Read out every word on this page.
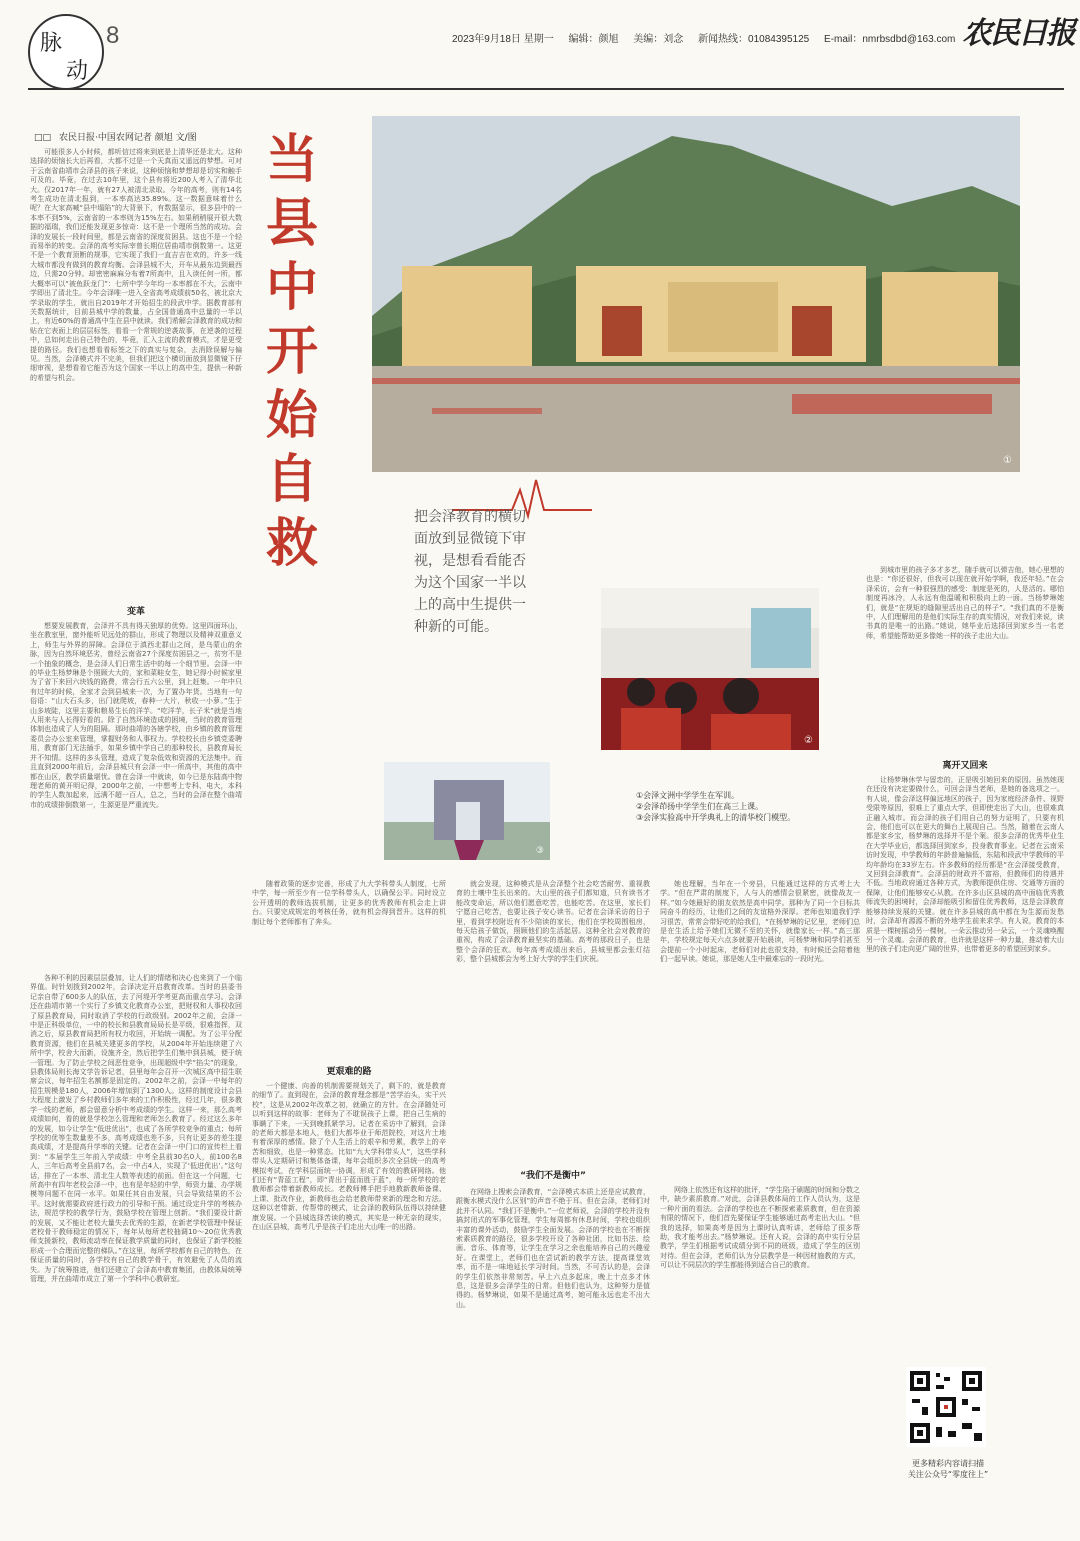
脉
动
8	2023年9月18日 星期一 编辑：颜旭 美编：刘念 新闻热线：01084395125 E-mail：nmrbsdbd@163.com 农民日报
□□ 农民日报·中国农网记者 颜旭 文/图

可能很多人小时候，都听信过将来到底是上清华还是北大。这种选择的烦恼长大后再看，大都不过是一个天真而又遥远的梦想。可对于云南省曲靖市会泽县的孩子来说，这种烦恼和梦想却是切实和触手可及的。毕竟，在过去10年里，这个县有将近200人考入了清华北大。仅2017年一年，就有27人被清北录取。今年的高考，则有14名考生成功在清北报到，一本率高达35.89%。这一数据意味着什么呢？在大家高喊“县中塌陷”的大背景下，有数据显示，很多县中的一本率不到5%，云南省的一本率则为15%左右。如果稍稍展开很大数据的福瑞，我们还能发现更多惊奇：这不是一个理所当然的成功。会泽的发展长一段时间里，都是云南省的深度贫困县。这也不是一个轻而易举的转变。会泽的高考实际宰曾长期位居曲靖市倒数第一。这更不是一个教育顶断的规事，它实现了我们一直吉吉在欢的，许多一线大城市都没有做到的教育均衡。会泽县城不大，开车从最东边到最西边，只需20分钟。却密密麻麻分布着7所高中，且入读任何一所，都大概率可以“被鱼跃龙门”：七所中学今年均一本率都在不大，云南中学即出了清北生。今年会泽唯一进入全省高考成绩前50名，被北京大学录取的学生，就出自2019年才开始招生的段武中学。据教育部有关数据统计，目前县城中学的数量，占全国普通高中总量的一半以上，有近60%的普通高中生在县中就读。我们希解会泽教育的成功和贴在它表面上的层层标签，看看一个常规的逆袭故事，在逆袭的过程中，总如何走出自己特色的，毕竟，汇入主流的教育模式，才是更受提的路径。我们也想看看标签之下的真实与复杂，去消除误解与偏见。当然，会泽模式并不完美，但我们把这个横切面放到显微镜下仔细审视，是想看看它能否为这个国家一半以上的高中生，提供一种新的希望与机会。

变革

想要发展教育，会泽并不具有得天独厚的优势。这里四面环山，坐在教室里，窗外能听见远处的群山，形成了物理以及精神双重意义上，师生与外界的屏障。会泽位于滇西北群山之间，是乌蒙山的余脉，因为自然环境恶劣，曾经云南省27个深度贫困县之一，贫穷不是一个抽象的概念，是会泽人们日常生活中的每一个细节里。会泽一中的毕业生杨梦琳是个照顾大大的，家和菜畦女生，她记得小时候家里为了省下来回六块钱的路费，常会行五六公里，到上赶集。一年中只有过年的时候，全家才会到县城来一次，为了置办年货。当地有一句俗语：“山大石头多，出门就爬坡，春种一大片，秋收一小萝。”生于山多坡陡，这里主要和粮易生长的洋芋。“吃洋芋，长子米”就是当地人用来与人长得好看的。除了自然环境造成的困境，当时的教育管理体制也造成了人为的阻隔。那时曲靖的各辖学校，由乡镇的教育管理委员会办公室来管理，掌握财务和人事权力。学校校长由乡镇党委聘用，教育部门无法插手，如果乡镇中学自己的那种校长，县教育局长并不知情。这样的多头管理，造成了复杂低效和资源的无法集中。而且直到2000年前后，会泽县城只有会泽一中一所高中，其他的高中都在山区，教学质量堪忧。曾在会泽一中就读，如今已是东陆高中物理老师的黄开明记得，2000年之前，一中想考上专科、电大，本科的学生人数加起来，远满不超一百人，总之，当时的会泽在整个曲靖市的成绩排倒数第一，生源更是严重流失。

各种不利的因素层层叠加，让人们的情绪和决心也来到了一个临界值。时针划拨到2002年，会泽决定开启教育改革。当时的县委书记亲自带了600多人的队伍，去了河堤开学考更高而重点学习。会泽还在曲靖市第一个实行了乡镇文化教育办公室，把财权和人事权收回了原县教育局，同时取消了学校的行政级别。2002年之前，会泽一中是正科级单位，一中的校长和县教育局局长是平级，很难指挥，双消之后，原县教育局把所有权力收回，开始统一调配。为了公平分配教育资源，他们在县城关建更多的学校，从2004年开始连续建了六所中学，校舍大而新，设施齐全，然后把学生们集中到县城，便于统一管理。为了防止学校之间恶性竞争，出现超级中学“掐尖”的现象，县教体局则长海文学告诉记者，县里每年会召开一次城区高中招生联席会议，每年招生名额都是固定的。2002年之前，会泽一中每年的招生规模是180人，2006年增加到了1300人。这样的制度设计会县大程度上激发了乡村教师们多年来的工作积极性，经过几年，很多教学一线的老师，都会留意分析中考成绩的学生。这样一来，那么高考成绩如何，看的就是学校怎么管理和老师怎么教育了。经过这么多年的发展，如今让学生“低进优出”，也成了各所学校竞争的重点；每所学校的优等生数量差不多，高考成绩也差不多，只有让更多的差生提高成绩，才是提高升学率的关键。记者在会泽一中门口的宣传栏上看到：“本届学生三年前入学成绩：中考全县前30名0人，前100名8人，三年后高考全县前7名，会一中占4人，实现了‘低进优出’。”这句话，排在了一本率、清北生人数等表述的前面。但在这一个问题，七所高中有四年老校会泽一中，也有是年轻的中学，师资力量、办学规模等问题不在同一水平。如果任其自由发展，只会导致结果的不公平。这时就需要政府进行政力的引导和干预。通过设定升学的考核办法，规范学校的教学行为，鼓励学校在管理上创新。“我们要设计新的发展，又不能让老校大量失去优秀的生源，在新老学校管理中保证老校骨干教师稳定的情况下，每年从每所老校抽调10～20位优秀教师支援新校，教师流动率在保证教学质量的同时，也保证了新学校能形成一个合理而完整的梯队。”在这里，每所学校都有自己的特色，在保证质量的同时，各学校有自己的教学骨干，有效避免了人员的流失。为了统筹推进，他们还建立了会泽高中教育集团，由教体局统筹管理，并在曲靖市成立了第一个学科中心教研室。

当县中开始自救
①
把会泽教育的横切面放到显微镜下审视，是想看看能否为这个国家一半以上的高中生提供一种新的可能。
②
③
①会泽文洲中学学生在军训。
②会泽茚扬中学学生们在高三上课。
③会泽实验高中开学典礼上的清华校门模型。

随着政策的逐步完善，形成了九大学科带头人制度，七所中学，每一所至少有一位学科带头人，以确保公平。同时设立公开透明的教师选拔机制，让更多的优秀教师有机会走上讲台。只要完成规定的考核任务，就有机会得到晋升。这样的机制让每个老师都有了奔头。

更艰难的路

一个健康、向善的机制需要规划关了，剩下的，就是教育的细节了。直到现在，会泽的教育理念都是“苦学治头，实干兴校”，这是从2002年改革之初，就确立的方针。在会泽随处可以听到这样的故事：老师为了不耽误孩子上课，把自己生病的事瞒了下来，一天到晚抓紧学习。记者在采访中了解到，会泽的老师大都是本地人，他们大都毕业于师范院校，对这片土地有着深厚的感情。除了个人生活上的艰辛和劳累，教学上的辛苦和细致，也是一种常态。比如“九大学科带头人”，这些学科带头人定期研讨和集体备课，每年会组织多次全县统一的高考模拟考试，在学科层面统一协调，形成了有效的教研网络。他们还有“青蓝工程”，即“青出于蓝而胜于蓝”，每一所学校的老教师都会带着新教师成长。老教师傅手把手地教新教师备课、上课、批改作业，新教师也会给老教师带来新的理念和方法。这种以老带新、传帮带的模式，让会泽的教师队伍得以持续健康发展。一个县城选择苦读的模式，其实是一种无奈的现实，在山区县城，高考几乎是孩子们走出大山唯一的出路。

就会发现，这种模式是从会泽整个社会吃苦耐劳、重视教育的土壤中生长出来的。大山里的孩子们都知道，只有读书才能改变命运，所以他们愿意吃苦，也能吃苦。在这里，家长们宁愿自己吃苦，也要让孩子安心读书。记者在会泽采访的日子里，看到学校附近有不少陪读的家长，他们在学校周围租房，每天给孩子做饭，照顾他们的生活起居。这种全社会对教育的重视，构成了会泽教育最坚实的基础。高考的那段日子，也是整个会泽的狂欢。每年高考成绩出来后，县城里都会张灯结彩，整个县城都会为考上好大学的学生们庆祝。

“我们不是衡中”

在网络上搜索会泽教育，“会泽模式本质上还是应试教育，跟衡水模式没什么区别”的声音不绝于耳。但在会泽，老师们对此并不认同。“我们不是衡中。”一位老师说，会泽的学校并没有搞封闭式的军事化管理，学生每周都有休息时间，学校也组织丰富的课外活动，鼓励学生全面发展。会泽的学校也在不断探索素质教育的路径，很多学校开设了各种社团，比如书法、绘画、音乐、体育等，让学生在学习之余也能培养自己的兴趣爱好。在课堂上，老师们也在尝试新的教学方法，提高课堂效率，而不是一味地延长学习时间。当然，不可否认的是，会泽的学生们依然非常刻苦。早上六点多起床，晚上十点多才休息，这是很多会泽学生的日常。但他们也认为，这种努力是值得的。杨梦琳说，如果不是通过高考，她可能永远也走不出大山。

她也理解，当年在一个旁县，只能通过这样的方式考上大学。“但在严肃的制度下，人与人的感情会很紧密，就像战友一样。”如今她最好的朋友依然是高中同学。那种为了同一个目标共同奋斗的经历，让他们之间的友谊格外深厚。老师也知道我们学习很苦，常常会带好吃的给我们，“在杨梦琳的记忆里，老师们总是在生活上给予她们无微不至的关怀，就像家长一样。”高三那年，学校规定每天六点多就要开始晨读，可杨梦琳和同学们甚至会提前一个小时起床，老师们对此也很支持，有时候还会陪着他们一起早读。她说，那是她人生中最难忘的一段时光。

网络上依然还有这样的批评，“学生陷于刷题的时间和分数之中，缺少素质教育。”对此，会泽县教体局的工作人员认为，这是一种片面的看法。会泽的学校也在不断探索素质教育，但在资源有限的情况下，他们首先要保证学生能够通过高考走出大山。“但我的选择，如果高考是因为上课时认真听讲，老师给了很多帮助，我才能考出去。”杨梦琳说。还有人说，会泽的高中实行分层教学，学生们根据考试成绩分到不同的班级，造成了学生的区别对待。但在会泽，老师们认为分层教学是一种因材施教的方式，可以让不同层次的学生都能得到适合自己的教育。

到城市里的孩子多才多艺，随手就可以弹吉他，她心里想的也是：“你还很好，但我可以现在就开始学啊，我还年轻。”在会泽采访，会有一种很强烈的感受：制度是死的，人是活的。哪怕制度再冰冷，人永远有他温暖和积极向上的一面。当杨梦琳她们，就是“在规矩的缝隙里活出自己的样子”。“我们真的不是衡中，人们理解用的是他们实际生存的真实情况，对我们来说，读书真的是唯一的出路。”她说，她毕业后选择回到家乡当一名老师，希望能帮助更多像她一样的孩子走出大山。

离开又回来

让杨梦琳休学与留恋的，正是吸引她回来的原因。虽然她现在还没有决定要做什么，可回会泽当老师，是她的备选项之一。有人说，像会泽这样偏远地区的孩子，因为家庭经济条件、视野受限等原因，很难上了重点大学，但即使走出了大山，也很难真正融入城市。而会泽的孩子们用自己的努力证明了，只要有机会，他们也可以在更大的舞台上展现自己。当然，随着在云南人都是家乡宝，杨梦琳的选择并不是个案。很多会泽的优秀毕业生在大学毕业后，都选择回到家乡，投身教育事业。记者在云南采访时发现，中学教师的年龄普遍偏低，东陆和段武中学教师的平均年龄均在33岁左右。许多教师的经历都是“在会泽接受教育，又回到会泽教育”。会泽县的财政并不富裕，但教师们的待遇并不低。当地政府通过各种方式，为教师提供住房、交通等方面的保障，让他们能够安心从教。在许多山区县城的高中面临优秀教师流失的困境时，会泽却能吸引和留住优秀教师，这是会泽教育能够持续发展的关键。就在许多县城的高中都在为生源而发愁时，会泽却有源源不断的外地学生前来求学。有人说，教育的本质是一棵树摇动另一棵树，一朵云推动另一朵云，一个灵魂唤醒另一个灵魂。会泽的教育，也许就是这样一种力量，推动着大山里的孩子们走向更广阔的世界，也带着更多的希望回到家乡。

更多精彩内容请扫描
关注公众号“零度往上”
